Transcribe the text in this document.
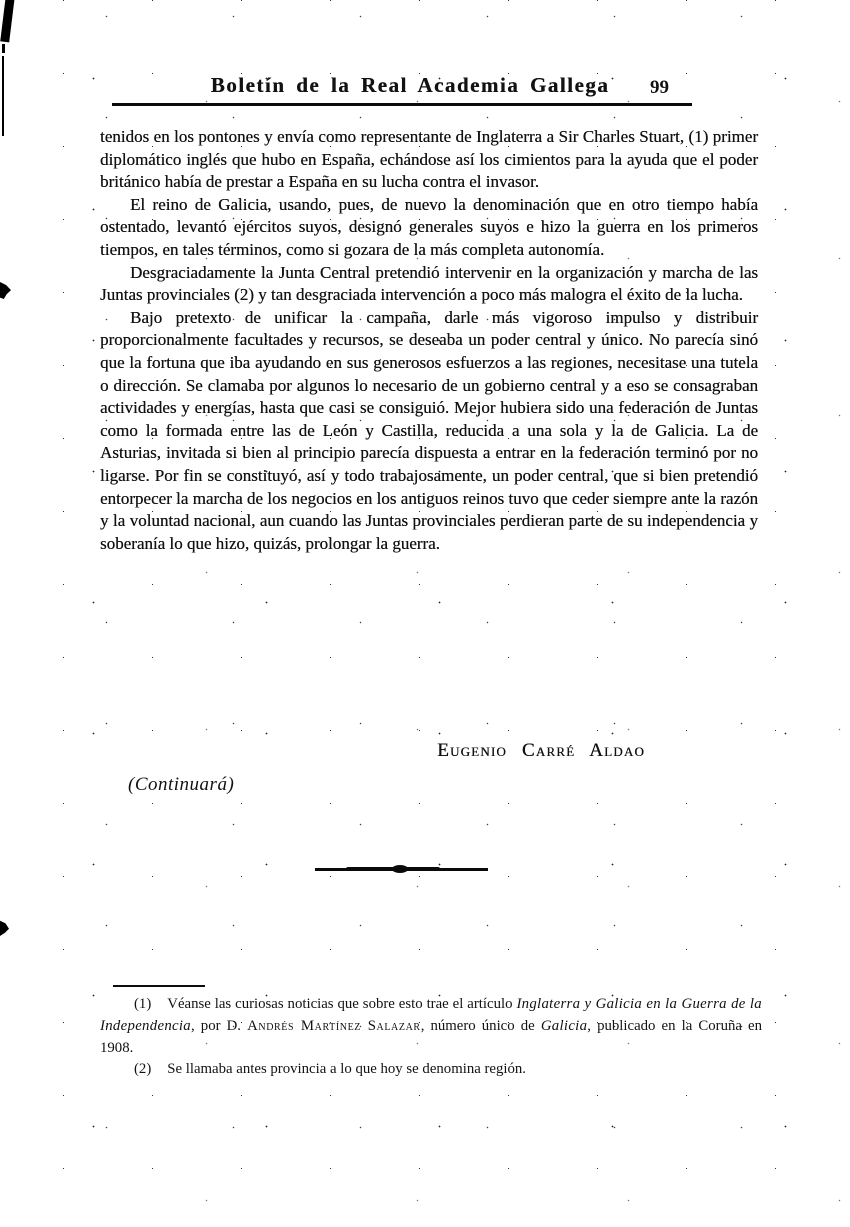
Boletín de la Real Academia Gallega	99

tenidos en los pontones y envía como representante de Inglaterra a Sir Charles Stuart, (1) primer diplomático inglés que hubo en España, echándose así los cimientos para la ayuda que el poder británico había de prestar a España en su lucha contra el invasor.

El reino de Galicia, usando, pues, de nuevo la denominación que en otro tiempo había ostentado, levantó ejércitos suyos, designó generales suyos e hizo la guerra en los primeros tiempos, en tales términos, como si gozara de la más completa autonomía.

Desgraciadamente la Junta Central pretendió intervenir en la organización y marcha de las Juntas provinciales (2) y tan desgraciada intervención a poco más malogra el éxito de la lucha.

Bajo pretexto de unificar la campaña, darle más vigoroso impulso y distribuir proporcionalmente facultades y recursos, se deseaba un poder central y único. No parecía sinó que la fortuna que iba ayudando en sus generosos esfuerzos a las regiones, necesitase una tutela o dirección. Se clamaba por algunos lo necesario de un gobierno central y a eso se consagraban actividades y energías, hasta que casi se consiguió. Mejor hubiera sido una federación de Juntas como la formada entre las de León y Castilla, reducida a una sola y la de Galicia. La de Asturias, invitada si bien al principio parecía dispuesta a entrar en la federación terminó por no ligarse. Por fin se constituyó, así y todo trabajosamente, un poder central, que si bien pretendió entorpecer la marcha de los negocios en los antiguos reinos tuvo que ceder siempre ante la razón y la voluntad nacional, aun cuando las Juntas provinciales perdieran parte de su independencia y soberanía lo que hizo, quizás, prolongar la guerra.

Eugenio Carré Aldao
(Continuará)

(1) Véanse las curiosas noticias que sobre esto trae el artículo Inglaterra y Galicia en la Guerra de la Independencia, por D. Andrés Martínez Salazar, número único de Galicia, publicado en la Coruña en 1908.

(2) Se llamaba antes provincia a lo que hoy se denomina región.
